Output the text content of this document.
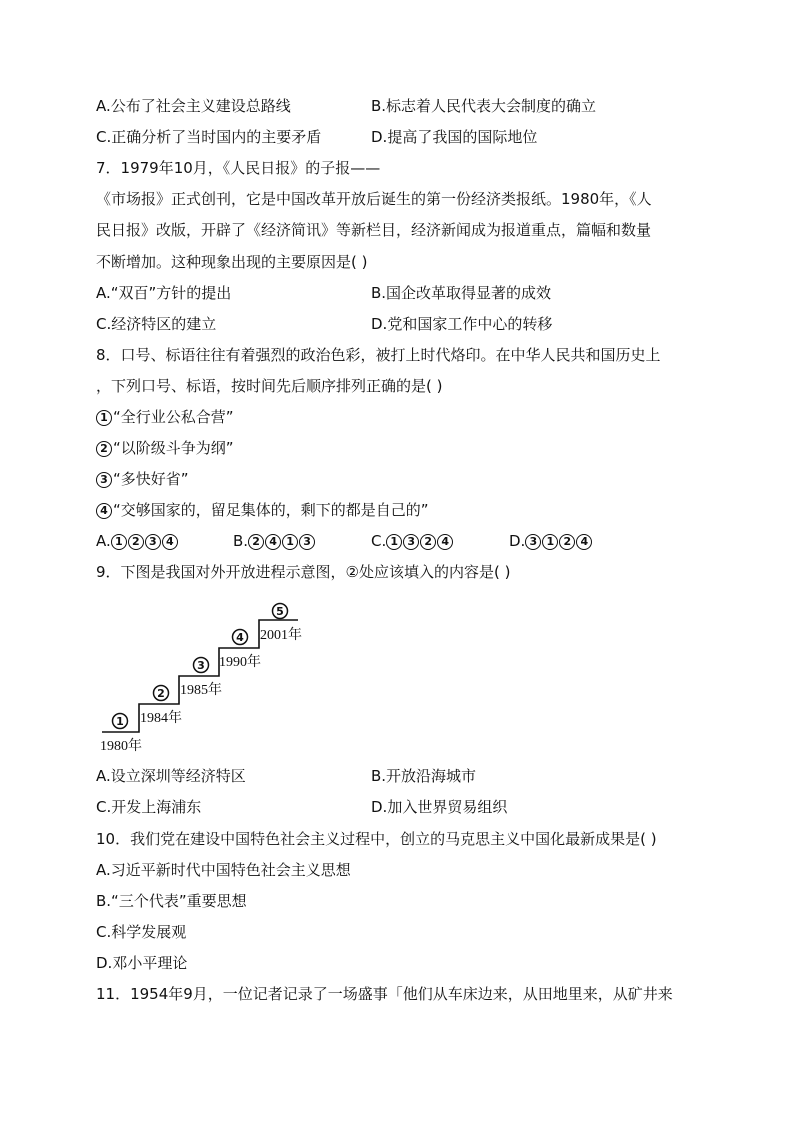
A.公布了社会主义建设总路线	B.标志着人民代表大会制度的确立
C.正确分析了当时国内的主要矛盾	D.提高了我国的国际地位
7．1979年10月，《人民日报》的子报——
《市场报》正式创刊，它是中国改革开放后诞生的第一份经济类报纸。1980年，《人
民日报》改版，开辟了《经济简讯》等新栏目，经济新闻成为报道重点，篇幅和数量
不断增加。这种现象出现的主要原因是( )
A.“双百”方针的提出	B.国企改革取得显著的成效
C.经济特区的建立	D.党和国家工作中心的转移
8．口号、标语往往有着强烈的政治色彩，被打上时代烙印。在中华人民共和国历史上
，下列口号、标语，按时间先后顺序排列正确的是( )
1 “全行业公私合营”
2 “以阶级斗争为纲”
3 “多快好省”
4 “交够国家的，留足集体的，剩下的都是自己的”
A. 1 2 3 4	B. 2 4 1 3	C. 1 3 2 4	D. 3 1 2 4
9．下图是我国对外开放进程示意图，②处应该填入的内容是( )
1980年
1984年
1985年
1990年
2001年
1
2
3
4
5
A.设立深圳等经济特区	B.开放沿海城市
C.开发上海浦东	D.加入世界贸易组织
10．我们党在建设中国特色社会主义过程中，创立的马克思主义中国化最新成果是( )
A.习近平新时代中国特色社会主义思想
B.“三个代表”重要思想
C.科学发展观
D.邓小平理论
11．1954年9月，一位记者记录了一场盛事「他们从车床边来，从田地里来，从矿井来
